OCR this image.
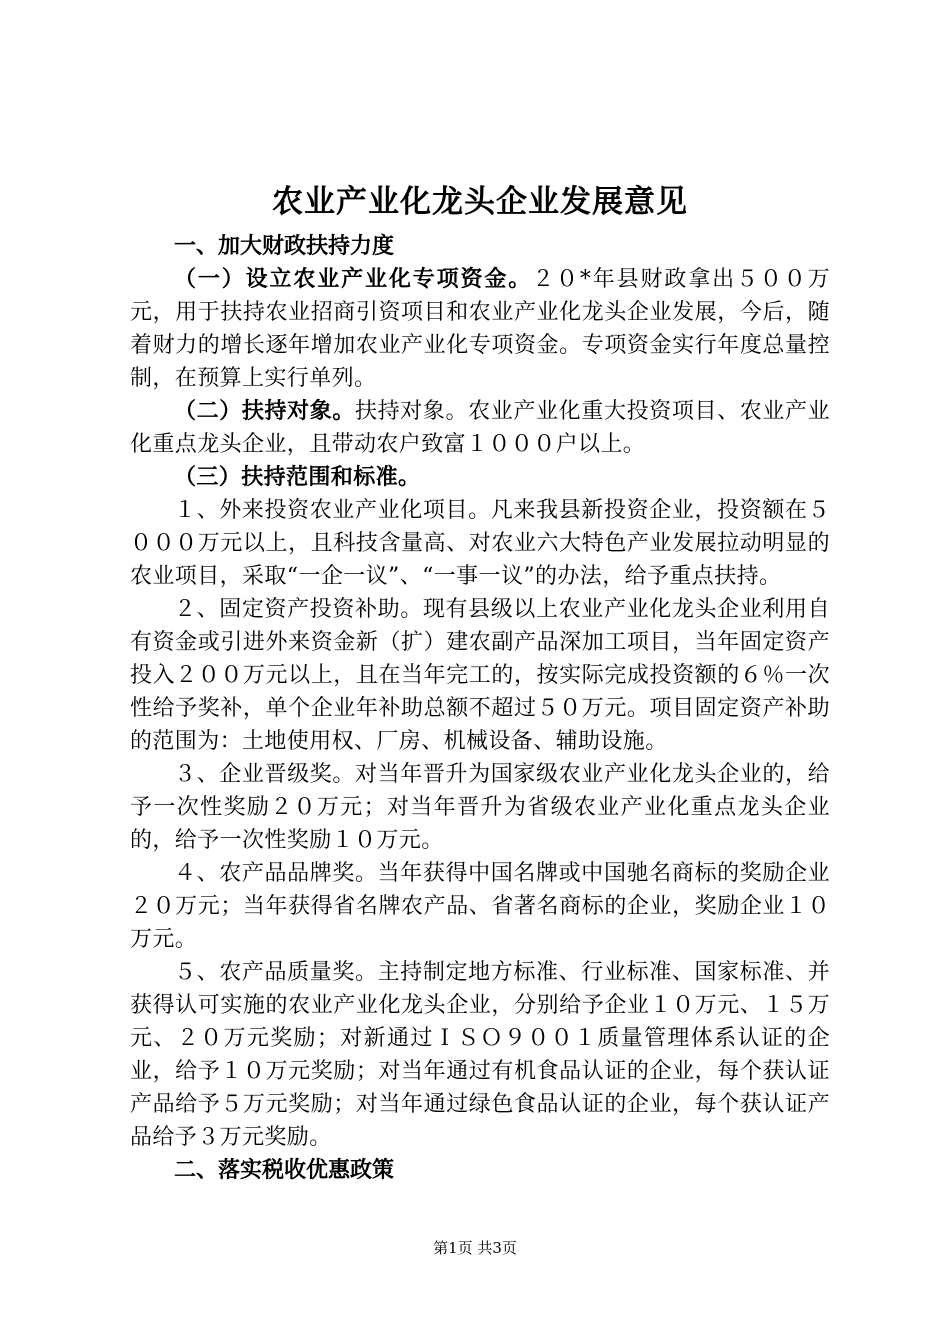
农业产业化龙头企业发展意见

一、加大财政扶持力度

（一）设立农业产业化专项资金。２０*年县财政拿出５００万元，用于扶持农业招商引资项目和农业产业化龙头企业发展，今后，随着财力的增长逐年增加农业产业化专项资金。专项资金实行年度总量控制，在预算上实行单列。

（二）扶持对象。扶持对象。农业产业化重大投资项目、农业产业化重点龙头企业，且带动农户致富１０００户以上。

（三）扶持范围和标准。

１、外来投资农业产业化项目。凡来我县新投资企业，投资额在５０００万元以上，且科技含量高、对农业六大特色产业发展拉动明显的农业项目，采取“一企一议”、“一事一议”的办法，给予重点扶持。

２、固定资产投资补助。现有县级以上农业产业化龙头企业利用自有资金或引进外来资金新（扩）建农副产品深加工项目，当年固定资产投入２００万元以上，且在当年完工的，按实际完成投资额的６％一次性给予奖补，单个企业年补助总额不超过５０万元。项目固定资产补助的范围为：土地使用权、厂房、机械设备、辅助设施。

３、企业晋级奖。对当年晋升为国家级农业产业化龙头企业的，给予一次性奖励２０万元；对当年晋升为省级农业产业化重点龙头企业的，给予一次性奖励１０万元。

４、农产品品牌奖。当年获得中国名牌或中国驰名商标的奖励企业２０万元；当年获得省名牌农产品、省著名商标的企业，奖励企业１０万元。

５、农产品质量奖。主持制定地方标准、行业标准、国家标准、并获得认可实施的农业产业化龙头企业，分别给予企业１０万元、１５万元、２０万元奖励；对新通过ＩＳＯ９００１质量管理体系认证的企业，给予１０万元奖励；对当年通过有机食品认证的企业，每个获认证产品给予５万元奖励；对当年通过绿色食品认证的企业，每个获认证产品给予３万元奖励。

二、落实税收优惠政策

第1页 共3页
